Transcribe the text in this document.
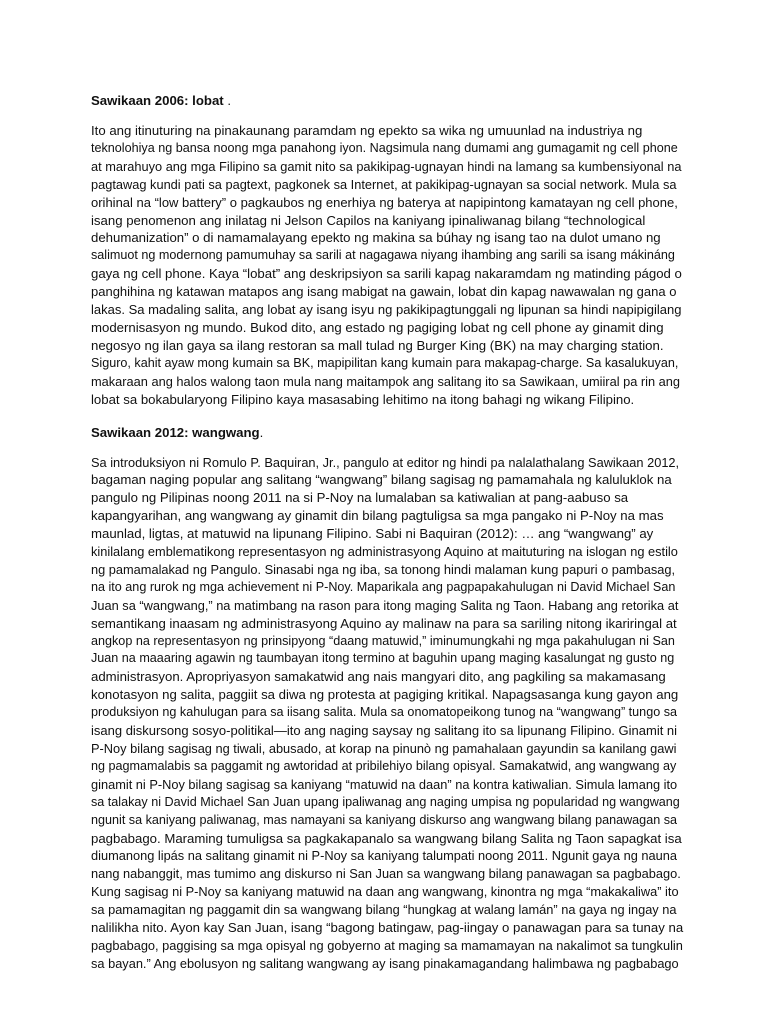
Sawikaan 2006: lobat .

Ito ang itinuturing na pinakaunang paramdam ng epekto sa wika ng umuunlad na industriya ng
teknolohiya ng bansa noong mga panahong iyon. Nagsimula nang dumami ang gumagamit ng cell phone
at marahuyo ang mga Filipino sa gamit nito sa pakikipag-ugnayan hindi na lamang sa kumbensiyonal na
pagtawag kundi pati sa pagtext, pagkonek sa Internet, at pakikipag-ugnayan sa social network. Mula sa
orihinal na “low battery” o pagkaubos ng enerhiya ng baterya at napipintong kamatayan ng cell phone,
isang penomenon ang inilatag ni Jelson Capilos na kaniyang ipinaliwanag bilang “technological
dehumanization” o di namamalayang epekto ng makina sa búhay ng isang tao na dulot umano ng
salimuot ng modernong pamumuhay sa sarili at nagagawa niyang ihambing ang sarili sa isang mákináng
gaya ng cell phone. Kaya “lobat” ang deskripsiyon sa sarili kapag nakaramdam ng matinding págod o
panghihina ng katawan matapos ang isang mabigat na gawain, lobat din kapag nawawalan ng gana o
lakas. Sa madaling salita, ang lobat ay isang isyu ng pakikipagtunggali ng lipunan sa hindi napipigilang
modernisasyon ng mundo. Bukod dito, ang estado ng pagiging lobat ng cell phone ay ginamit ding
negosyo ng ilan gaya sa ilang restoran sa mall tulad ng Burger King (BK) na may charging station.
Siguro, kahit ayaw mong kumain sa BK, mapipilitan kang kumain para makapag-charge. Sa kasalukuyan,
makaraan ang halos walong taon mula nang maitampok ang salitang ito sa Sawikaan, umiiral pa rin ang
lobat sa bokabularyong Filipino kaya masasabing lehitimo na itong bahagi ng wikang Filipino.

Sawikaan 2012: wangwang.

Sa introduksiyon ni Romulo P. Baquiran, Jr., pangulo at editor ng hindi pa nalalathalang Sawikaan 2012,
bagaman naging popular ang salitang “wangwang” bilang sagisag ng pamamahala ng kaluluklok na
pangulo ng Pilipinas noong 2011 na si P-Noy na lumalaban sa katiwalian at pang-aabuso sa
kapangyarihan, ang wangwang ay ginamit din bilang pagtuligsa sa mga pangako ni P-Noy na mas
maunlad, ligtas, at matuwid na lipunang Filipino. Sabi ni Baquiran (2012): … ang “wangwang” ay
kinilalang emblematikong representasyon ng administrasyong Aquino at maituturing na islogan ng estilo
ng pamamalakad ng Pangulo. Sinasabi nga ng iba, sa tonong hindi malaman kung papuri o pambasag,
na ito ang rurok ng mga achievement ni P-Noy. Maparikala ang pagpapakahulugan ni David Michael San
Juan sa “wangwang,” na matimbang na rason para itong maging Salita ng Taon. Habang ang retorika at
semantikang inaasam ng administrasyong Aquino ay malinaw na para sa sariling nitong ikariringal at
angkop na representasyon ng prinsipyong “daang matuwid,” iminumungkahi ng mga pakahulugan ni San
Juan na maaaring agawin ng taumbayan itong termino at baguhin upang maging kasalungat ng gusto ng
administrasyon. Apropriyasyon samakatwid ang nais mangyari dito, ang pagkiling sa makamasang
konotasyon ng salita, paggiit sa diwa ng protesta at pagiging kritikal. Napagsasanga kung gayon ang
produksiyon ng kahulugan para sa iisang salita. Mula sa onomatopeikong tunog na “wangwang” tungo sa
isang diskursong sosyo-politikal—ito ang naging saysay ng salitang ito sa lipunang Filipino. Ginamit ni
P-Noy bilang sagisag ng tiwali, abusado, at korap na pinunò ng pamahalaan gayundin sa kanilang gawi
ng pagmamalabis sa paggamit ng awtoridad at pribilehiyo bilang opisyal. Samakatwid, ang wangwang ay
ginamit ni P-Noy bilang sagisag sa kaniyang “matuwid na daan” na kontra katiwalian. Simula lamang ito
sa talakay ni David Michael San Juan upang ipaliwanag ang naging umpisa ng popularidad ng wangwang
ngunit sa kaniyang paliwanag, mas namayani sa kaniyang diskurso ang wangwang bilang panawagan sa
pagbabago. Maraming tumuligsa sa pagkakapanalo sa wangwang bilang Salita ng Taon sapagkat isa
diumanong lipás na salitang ginamit ni P-Noy sa kaniyang talumpati noong 2011. Ngunit gaya ng nauna
nang nabanggit, mas tumimo ang diskurso ni San Juan sa wangwang bilang panawagan sa pagbabago.
Kung sagisag ni P-Noy sa kaniyang matuwid na daan ang wangwang, kinontra ng mga “makakaliwa” ito
sa pamamagitan ng paggamit din sa wangwang bilang “hungkag at walang lamán” na gaya ng ingay na
nalilikha nito. Ayon kay San Juan, isang “bagong batingaw, pag-iingay o panawagan para sa tunay na
pagbabago, paggising sa mga opisyal ng gobyerno at maging sa mamamayan na nakalimot sa tungkulin
sa bayan.” Ang ebolusyon ng salitang wangwang ay isang pinakamagandang halimbawa ng pagbabago
